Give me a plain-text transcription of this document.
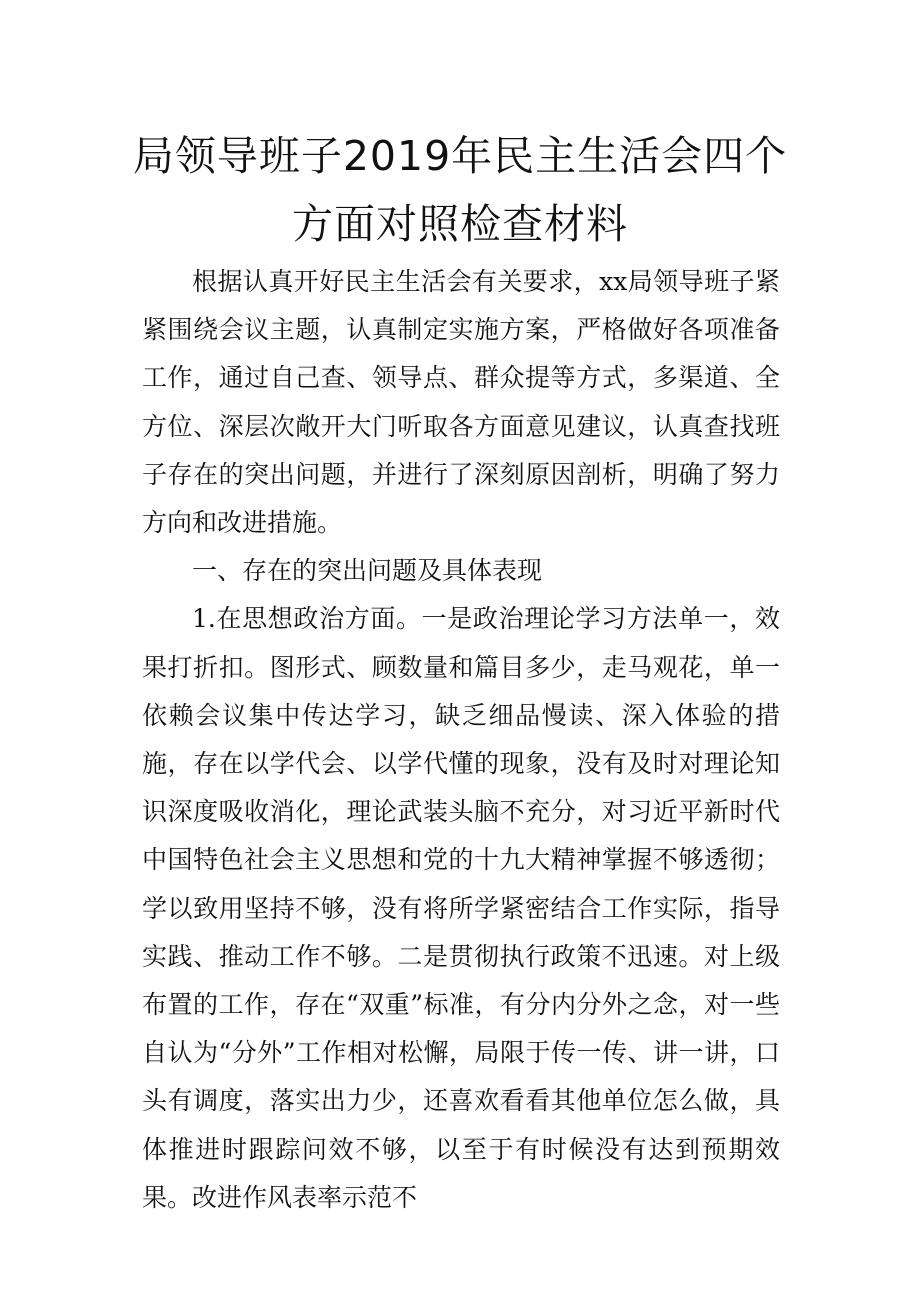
局领导班子2019年民主生活会四个
方面对照检查材料

根据认真开好民主生活会有关要求，xx局领导班子紧紧围绕会议主题，认真制定实施方案，严格做好各项准备工作，通过自己查、领导点、群众提等方式，多渠道、全方位、深层次敞开大门听取各方面意见建议，认真查找班子存在的突出问题，并进行了深刻原因剖析，明确了努力方向和改进措施。

一、存在的突出问题及具体表现

1.在思想政治方面。一是政治理论学习方法单一，效果打折扣。图形式、顾数量和篇目多少，走马观花，单一依赖会议集中传达学习，缺乏细品慢读、深入体验的措施，存在以学代会、以学代懂的现象，没有及时对理论知识深度吸收消化，理论武装头脑不充分，对习近平新时代中国特色社会主义思想和党的十九大精神掌握不够透彻；学以致用坚持不够，没有将所学紧密结合工作实际，指导实践、推动工作不够。二是贯彻执行政策不迅速。对上级布置的工作，存在“双重”标准，有分内分外之念，对一些自认为“分外”工作相对松懈，局限于传一传、讲一讲，口头有调度，落实出力少，还喜欢看看其他单位怎么做，具体推进时跟踪问效不够，以至于有时候没有达到预期效果。改进作风表率示范不
